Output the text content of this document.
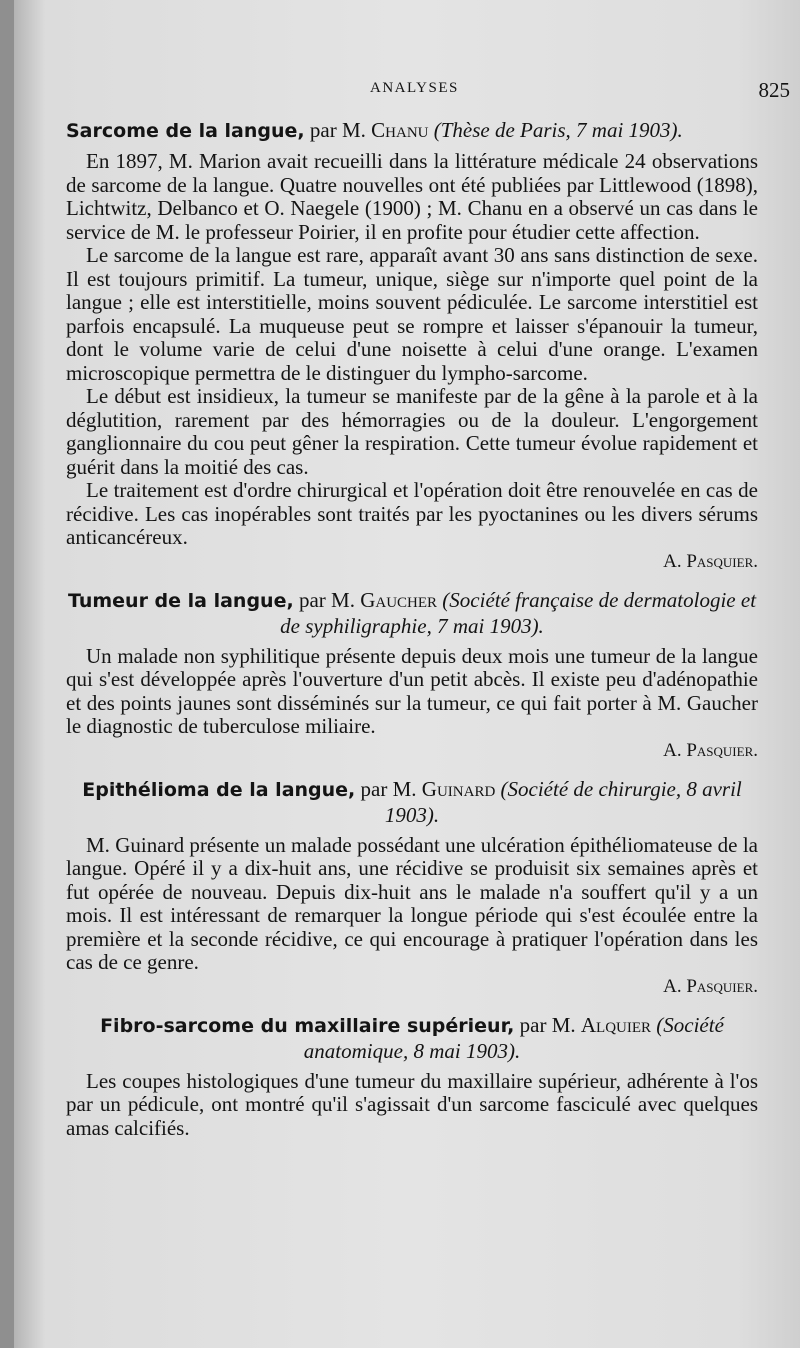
ANALYSES	825

Sarcome de la langue, par M. Chanu (Thèse de Paris, 7 mai 1903).

En 1897, M. Marion avait recueilli dans la littérature médicale 24 observations de sarcome de la langue. Quatre nouvelles ont été publiées par Littlewood (1898), Lichtwitz, Delbanco et O. Naegele (1900) ; M. Chanu en a observé un cas dans le service de M. le professeur Poirier, il en profite pour étudier cette affection.

Le sarcome de la langue est rare, apparaît avant 30 ans sans distinction de sexe. Il est toujours primitif. La tumeur, unique, siège sur n'importe quel point de la langue ; elle est interstitielle, moins souvent pédiculée. Le sarcome interstitiel est parfois encapsulé. La muqueuse peut se rompre et laisser s'épanouir la tumeur, dont le volume varie de celui d'une noisette à celui d'une orange. L'examen microscopique permettra de le distinguer du lympho-sarcome.

Le début est insidieux, la tumeur se manifeste par de la gêne à la parole et à la déglutition, rarement par des hémorragies ou de la douleur. L'engorgement ganglionnaire du cou peut gêner la respiration. Cette tumeur évolue rapidement et guérit dans la moitié des cas.

Le traitement est d'ordre chirurgical et l'opération doit être renouvelée en cas de récidive. Les cas inopérables sont traités par les pyoctanines ou les divers sérums anticancéreux.

A. Pasquier.

Tumeur de la langue, par M. Gaucher (Société française de dermatologie et de syphiligraphie, 7 mai 1903).

Un malade non syphilitique présente depuis deux mois une tumeur de la langue qui s'est développée après l'ouverture d'un petit abcès. Il existe peu d'adénopathie et des points jaunes sont disséminés sur la tumeur, ce qui fait porter à M. Gaucher le diagnostic de tuberculose miliaire.

A. Pasquier.

Epithélioma de la langue, par M. Guinard (Société de chirurgie, 8 avril 1903).

M. Guinard présente un malade possédant une ulcération épithéliomateuse de la langue. Opéré il y a dix-huit ans, une récidive se produisit six semaines après et fut opérée de nouveau. Depuis dix-huit ans le malade n'a souffert qu'il y a un mois. Il est intéressant de remarquer la longue période qui s'est écoulée entre la première et la seconde récidive, ce qui encourage à pratiquer l'opération dans les cas de ce genre.

A. Pasquier.

Fibro-sarcome du maxillaire supérieur, par M. Alquier (Société anatomique, 8 mai 1903).

Les coupes histologiques d'une tumeur du maxillaire supérieur, adhérente à l'os par un pédicule, ont montré qu'il s'agissait d'un sarcome fasciculé avec quelques amas calcifiés.
